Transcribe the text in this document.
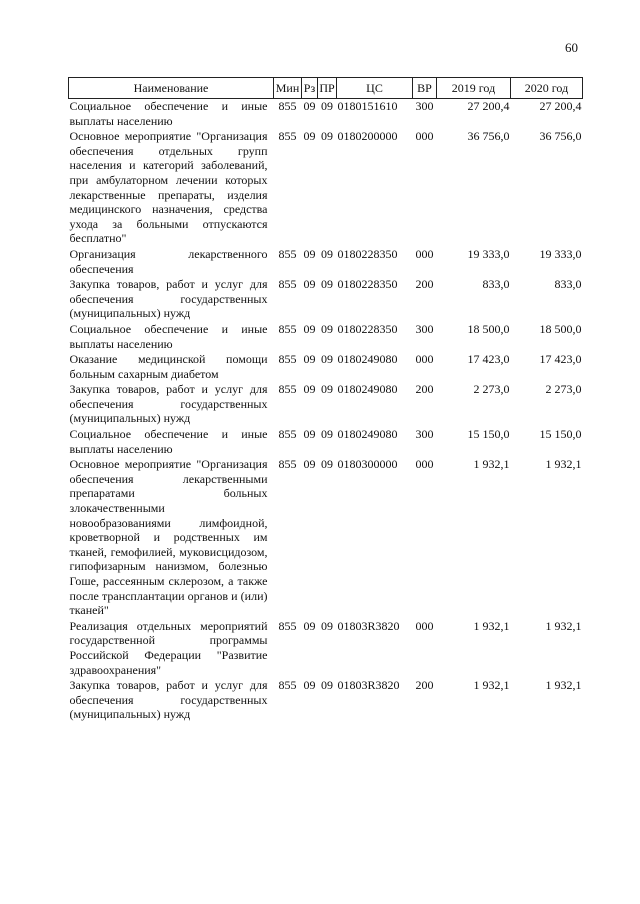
60
Наименование	Мин	Рз	ПР	ЦС	ВР	2019 год	2020 год
Социальное обеспечение и иные выплаты населению	855	09	09	0180151610	300	27 200,4	27 200,4
Основное мероприятие "Организация обеспечения отдельных групп населения и категорий заболеваний, при амбулаторном лечении которых лекарственные препараты, изделия медицинского назначения, средства ухода за больными отпускаются бесплатно"	855	09	09	0180200000	000	36 756,0	36 756,0
Организация лекарственного обеспечения	855	09	09	0180228350	000	19 333,0	19 333,0
Закупка товаров, работ и услуг для обеспечения государственных (муниципальных) нужд	855	09	09	0180228350	200	833,0	833,0
Социальное обеспечение и иные выплаты населению	855	09	09	0180228350	300	18 500,0	18 500,0
Оказание медицинской помощи больным сахарным диабетом	855	09	09	0180249080	000	17 423,0	17 423,0
Закупка товаров, работ и услуг для обеспечения государственных (муниципальных) нужд	855	09	09	0180249080	200	2 273,0	2 273,0
Социальное обеспечение и иные выплаты населению	855	09	09	0180249080	300	15 150,0	15 150,0
Основное мероприятие "Организация обеспечения лекарственными препаратами больных злокачественными новообразованиями лимфоидной, кроветворной и родственных им тканей, гемофилией, муковисцидозом, гипофизарным нанизмом, болезнью Гоше, рассеянным склерозом, а также после трансплантации органов и (или) тканей"	855	09	09	0180300000	000	1 932,1	1 932,1
Реализация отдельных мероприятий государственной программы Российской Федерации "Развитие здравоохранения"	855	09	09	01803R3820	000	1 932,1	1 932,1
Закупка товаров, работ и услуг для обеспечения государственных (муниципальных) нужд	855	09	09	01803R3820	200	1 932,1	1 932,1
